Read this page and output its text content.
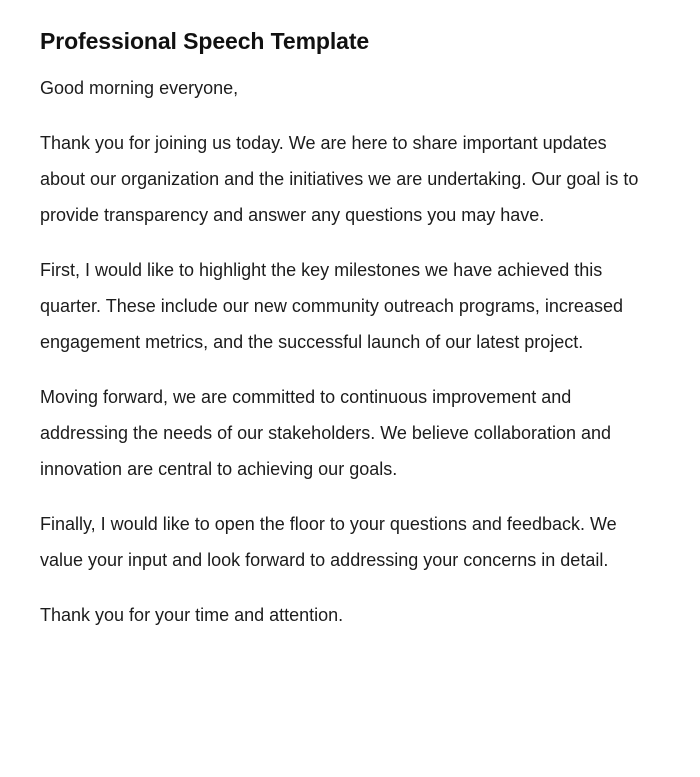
Professional Speech Template

Good morning everyone,

Thank you for joining us today. We are here to share important updates about our organization and the initiatives we are undertaking. Our goal is to provide transparency and answer any questions you may have.

First, I would like to highlight the key milestones we have achieved this quarter. These include our new community outreach programs, increased engagement metrics, and the successful launch of our latest project.

Moving forward, we are committed to continuous improvement and addressing the needs of our stakeholders. We believe collaboration and innovation are central to achieving our goals.

Finally, I would like to open the floor to your questions and feedback. We value your input and look forward to addressing your concerns in detail.

Thank you for your time and attention.
